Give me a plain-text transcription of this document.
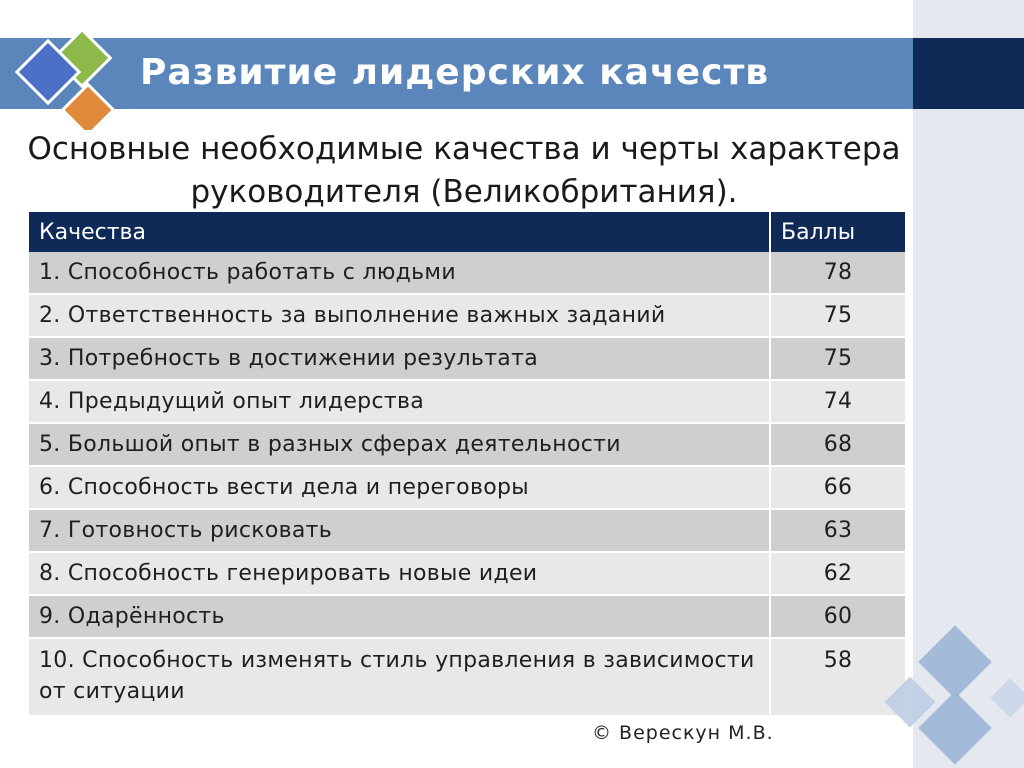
Развитие лидерских качеств
Основные необходимые качества и черты характера руководителя (Великобритания).
Качества	Баллы
1. Способность работать с людьми	78
2. Ответственность за выполнение важных заданий	75
3. Потребность в достижении результата	75
4. Предыдущий опыт лидерства	74
5. Большой опыт в разных сферах деятельности	68
6. Способность вести дела и переговоры	66
7. Готовность рисковать	63
8. Способность генерировать новые идеи	62
9. Одарённость	60
10. Способность изменять стиль управления в зависимости от ситуации	58
© Верескун М.В.
